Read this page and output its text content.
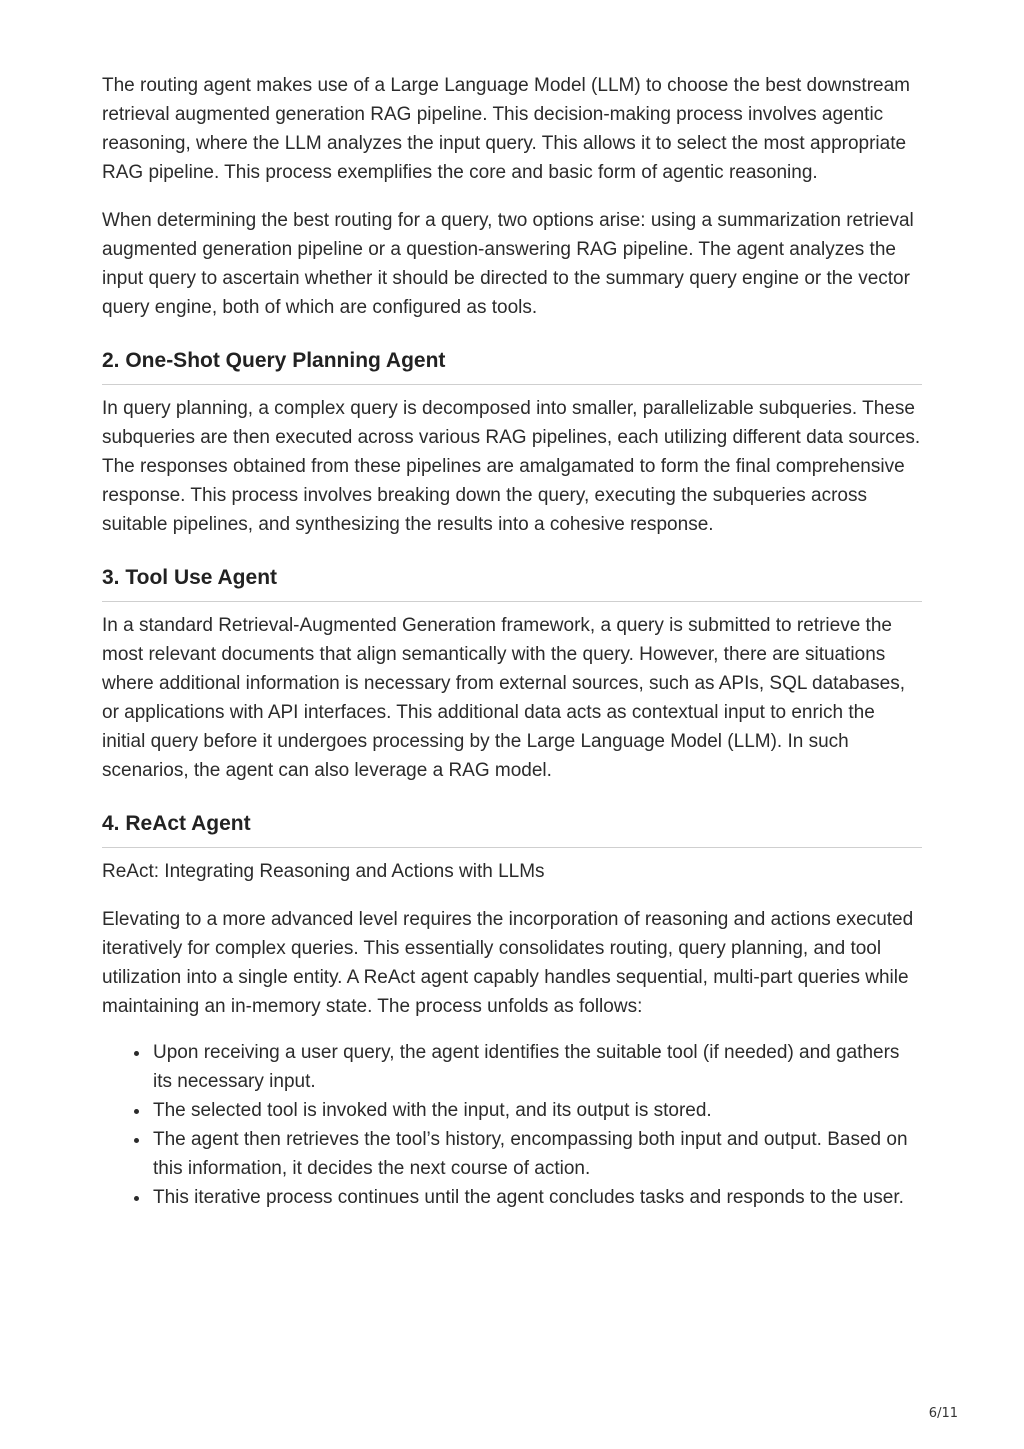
The routing agent makes use of a Large Language Model (LLM) to choose the best downstream retrieval augmented generation RAG pipeline. This decision-making process involves agentic reasoning, where the LLM analyzes the input query. This allows it to select the most appropriate RAG pipeline. This process exemplifies the core and basic form of agentic reasoning.

When determining the best routing for a query, two options arise: using a summarization retrieval augmented generation pipeline or a question-answering RAG pipeline. The agent analyzes the input query to ascertain whether it should be directed to the summary query engine or the vector query engine, both of which are configured as tools.

2. One-Shot Query Planning Agent

In query planning, a complex query is decomposed into smaller, parallelizable subqueries. These subqueries are then executed across various RAG pipelines, each utilizing different data sources. The responses obtained from these pipelines are amalgamated to form the final comprehensive response. This process involves breaking down the query, executing the subqueries across suitable pipelines, and synthesizing the results into a cohesive response.

3. Tool Use Agent

In a standard Retrieval-Augmented Generation framework, a query is submitted to retrieve the most relevant documents that align semantically with the query. However, there are situations where additional information is necessary from external sources, such as APIs, SQL databases, or applications with API interfaces. This additional data acts as contextual input to enrich the initial query before it undergoes processing by the Large Language Model (LLM). In such scenarios, the agent can also leverage a RAG model.

4. ReAct Agent

ReAct: Integrating Reasoning and Actions with LLMs

Elevating to a more advanced level requires the incorporation of reasoning and actions executed iteratively for complex queries. This essentially consolidates routing, query planning, and tool utilization into a single entity. A ReAct agent capably handles sequential, multi-part queries while maintaining an in-memory state. The process unfolds as follows:

Upon receiving a user query, the agent identifies the suitable tool (if needed) and gathers its necessary input.
The selected tool is invoked with the input, and its output is stored.
The agent then retrieves the tool’s history, encompassing both input and output. Based on this information, it decides the next course of action.
This iterative process continues until the agent concludes tasks and responds to the user.
6/11
